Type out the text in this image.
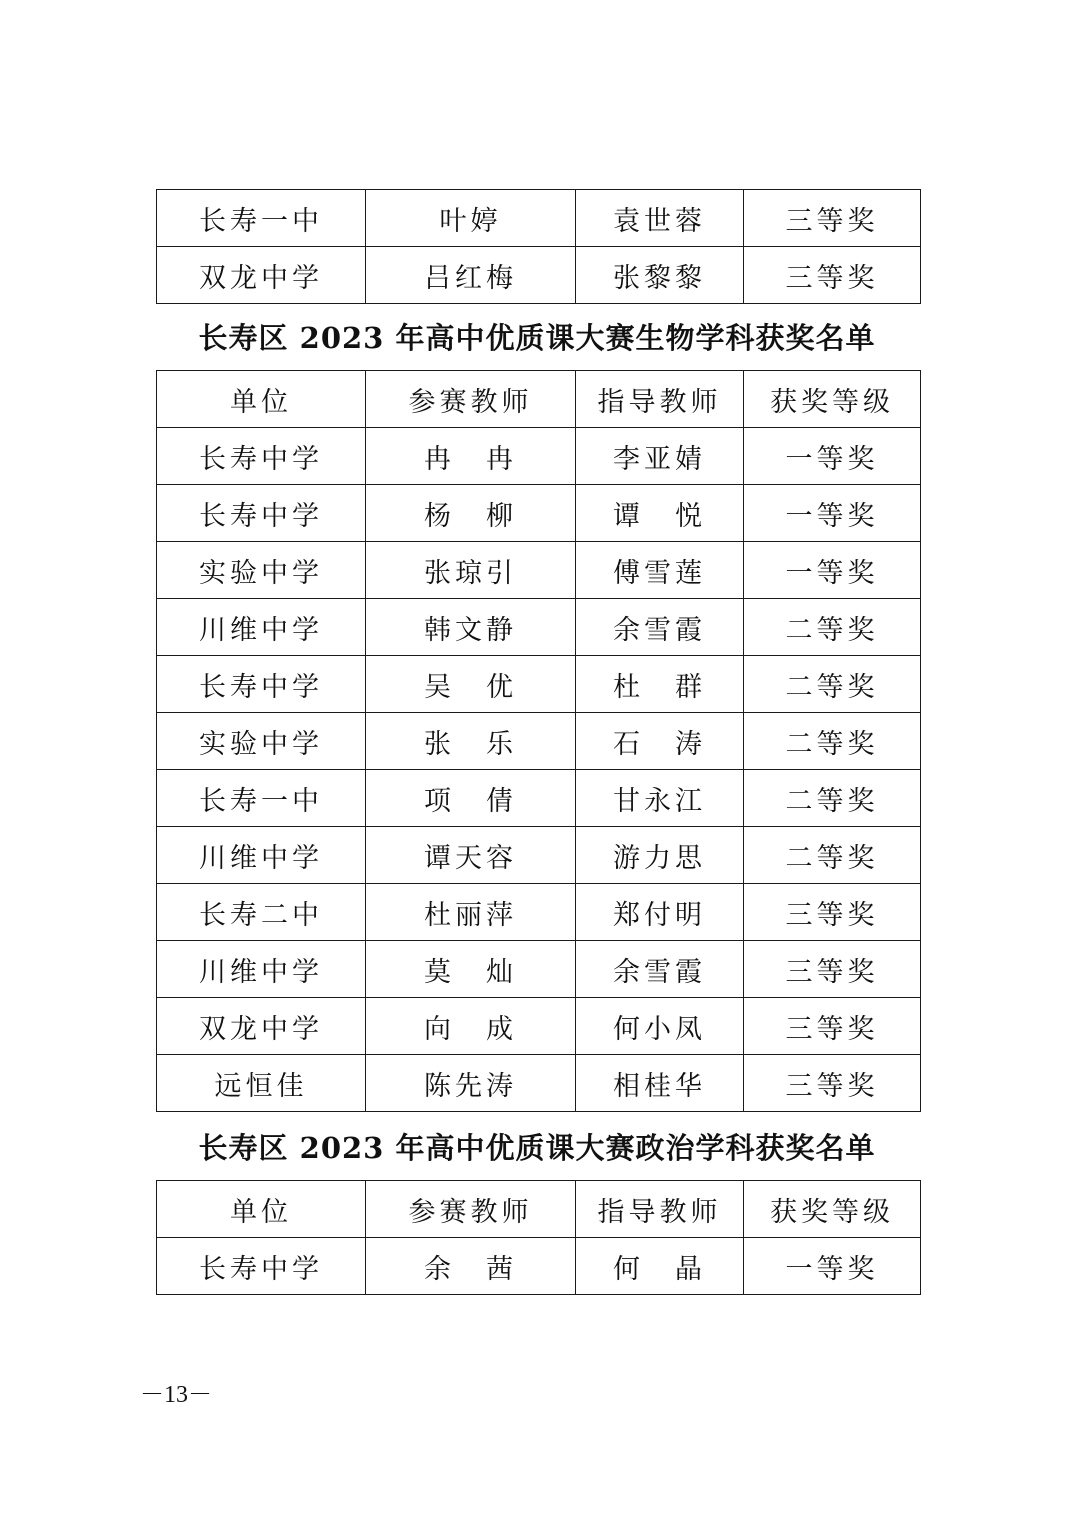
长寿一中	叶婷	袁世蓉	三等奖
双龙中学	吕红梅	张黎黎	三等奖
长寿区 2023 年高中优质课大赛生物学科获奖名单
单位	参赛教师	指导教师	获奖等级
长寿中学	冉　冉	李亚婧	一等奖
长寿中学	杨　柳	谭　悦	一等奖
实验中学	张琼引	傅雪莲	一等奖
川维中学	韩文静	余雪霞	二等奖
长寿中学	吴　优	杜　群	二等奖
实验中学	张　乐	石　涛	二等奖
长寿一中	项　倩	甘永江	二等奖
川维中学	谭天容	游力思	二等奖
长寿二中	杜丽萍	郑付明	三等奖
川维中学	莫　灿	余雪霞	三等奖
双龙中学	向　成	何小凤	三等奖
远恒佳	陈先涛	相桂华	三等奖
长寿区 2023 年高中优质课大赛政治学科获奖名单
单位	参赛教师	指导教师	获奖等级
长寿中学	余　茜	何　晶	一等奖
－13－
